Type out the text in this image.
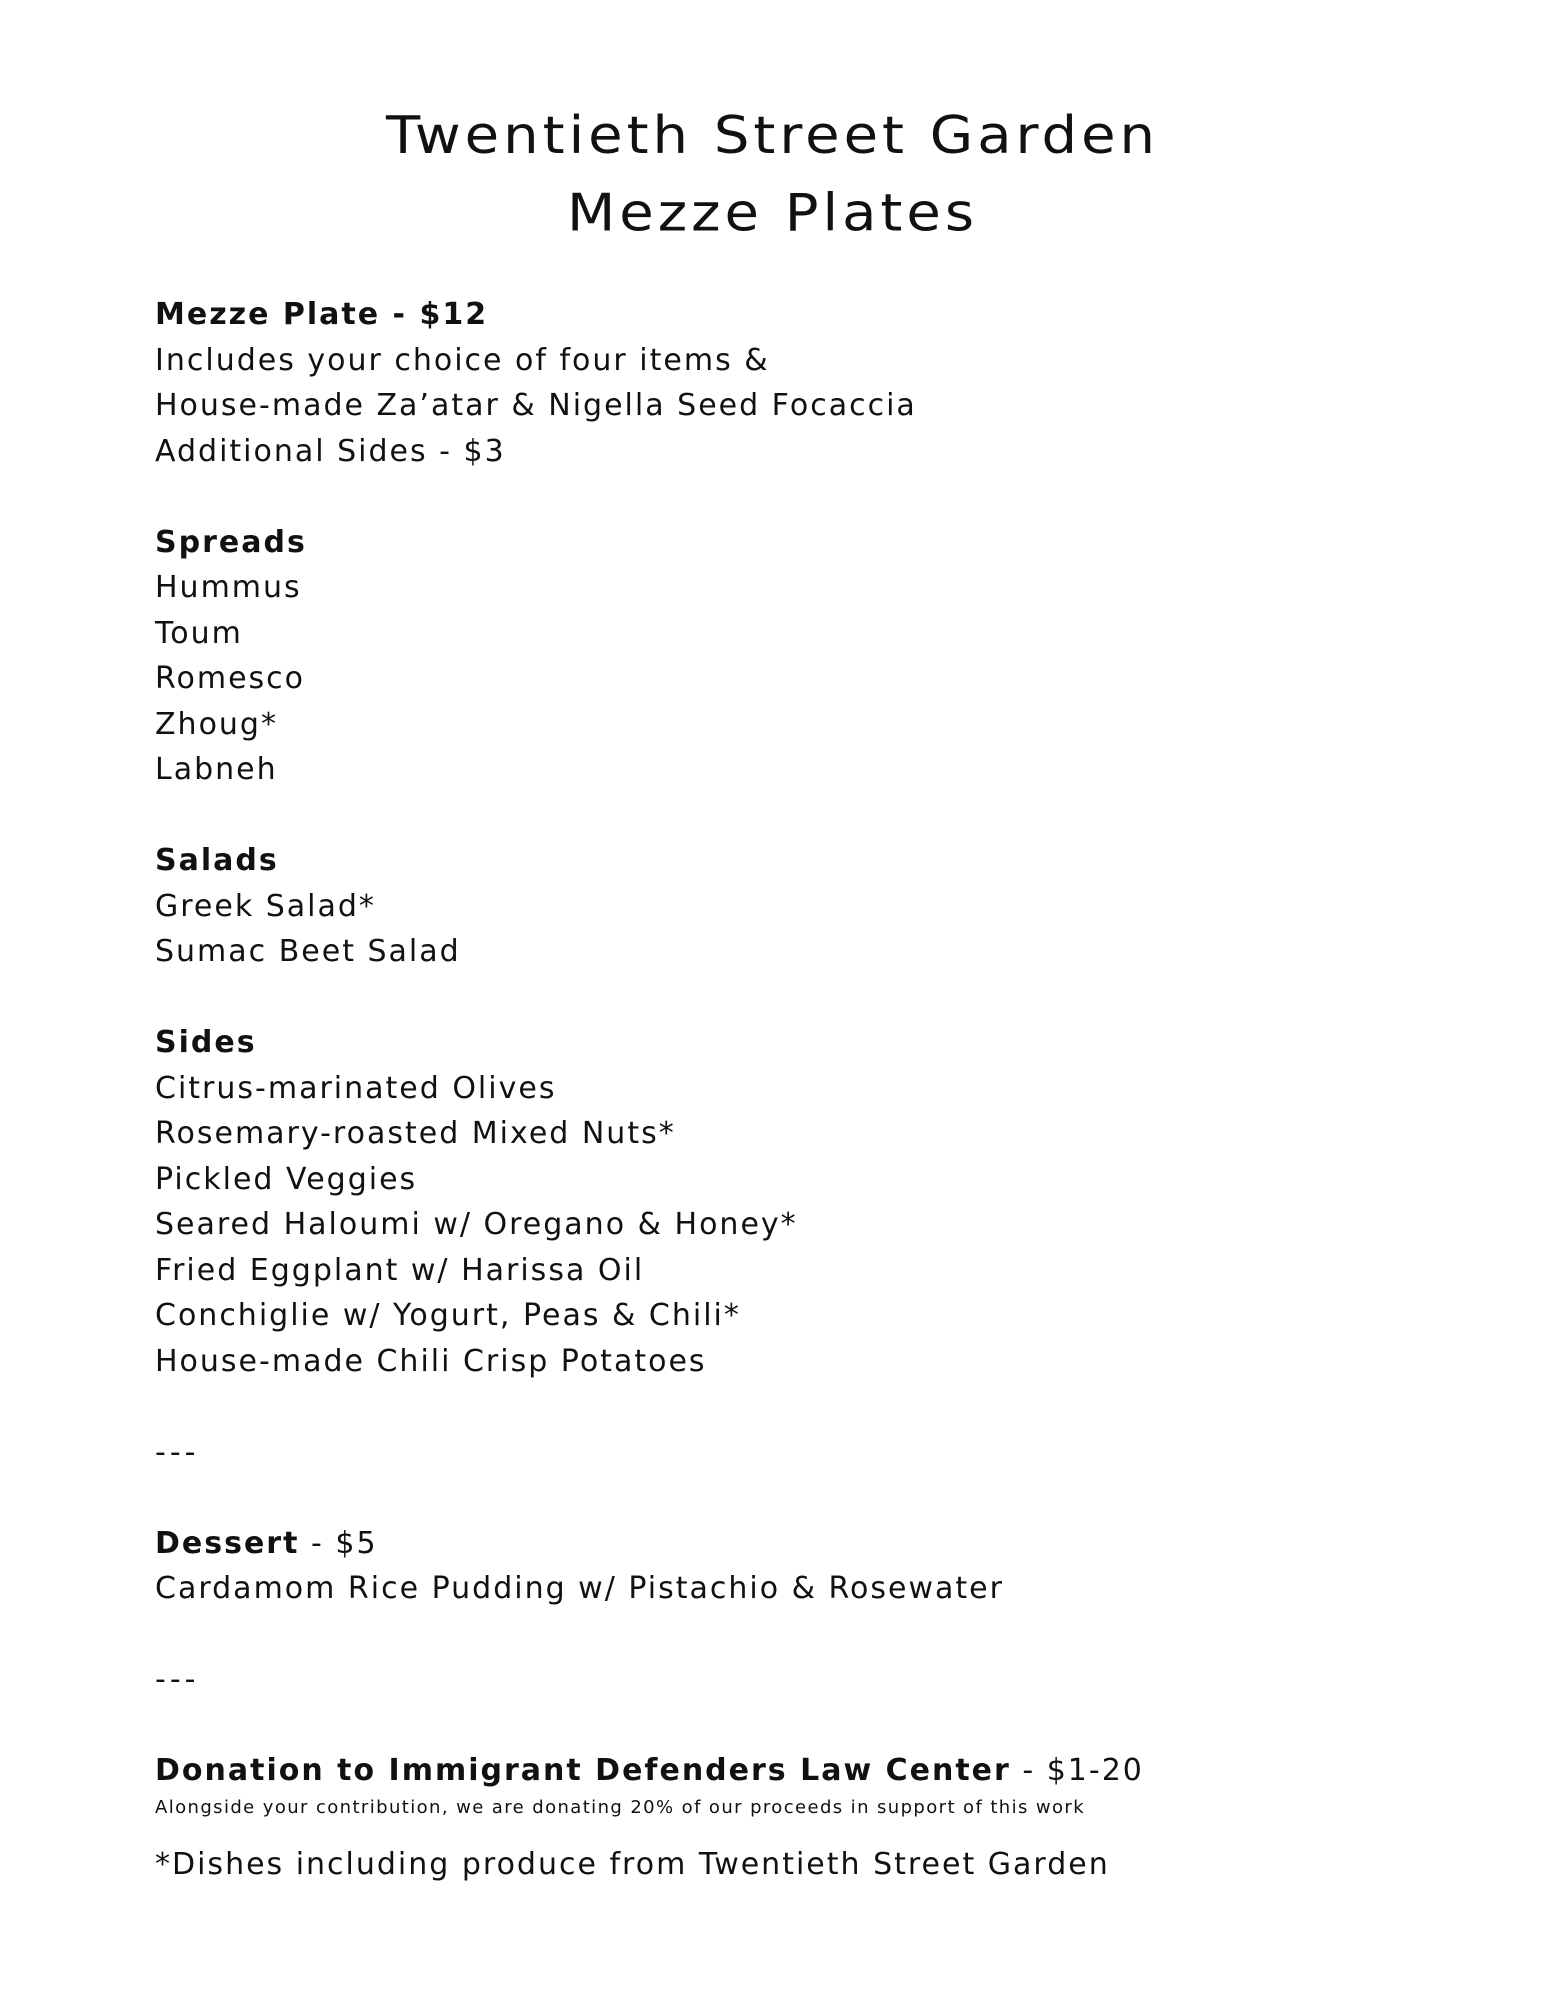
Twentieth Street Garden
Mezze Plates
Mezze Plate - $12
Includes your choice of four items &
House-made Za’atar & Nigella Seed Focaccia
Additional Sides - $3
Spreads
Hummus
Toum
Romesco
Zhoug*
Labneh
Salads
Greek Salad*
Sumac Beet Salad
Sides
Citrus-marinated Olives
Rosemary-roasted Mixed Nuts*
Pickled Veggies
Seared Haloumi w/ Oregano & Honey*
Fried Eggplant w/ Harissa Oil
Conchiglie w/ Yogurt, Peas & Chili*
House-made Chili Crisp Potatoes
---
Dessert - $5
Cardamom Rice Pudding w/ Pistachio & Rosewater
---
Donation to Immigrant Defenders Law Center - $1-20
Alongside your contribution, we are donating 20% of our proceeds in support of this work
*Dishes including produce from Twentieth Street Garden
